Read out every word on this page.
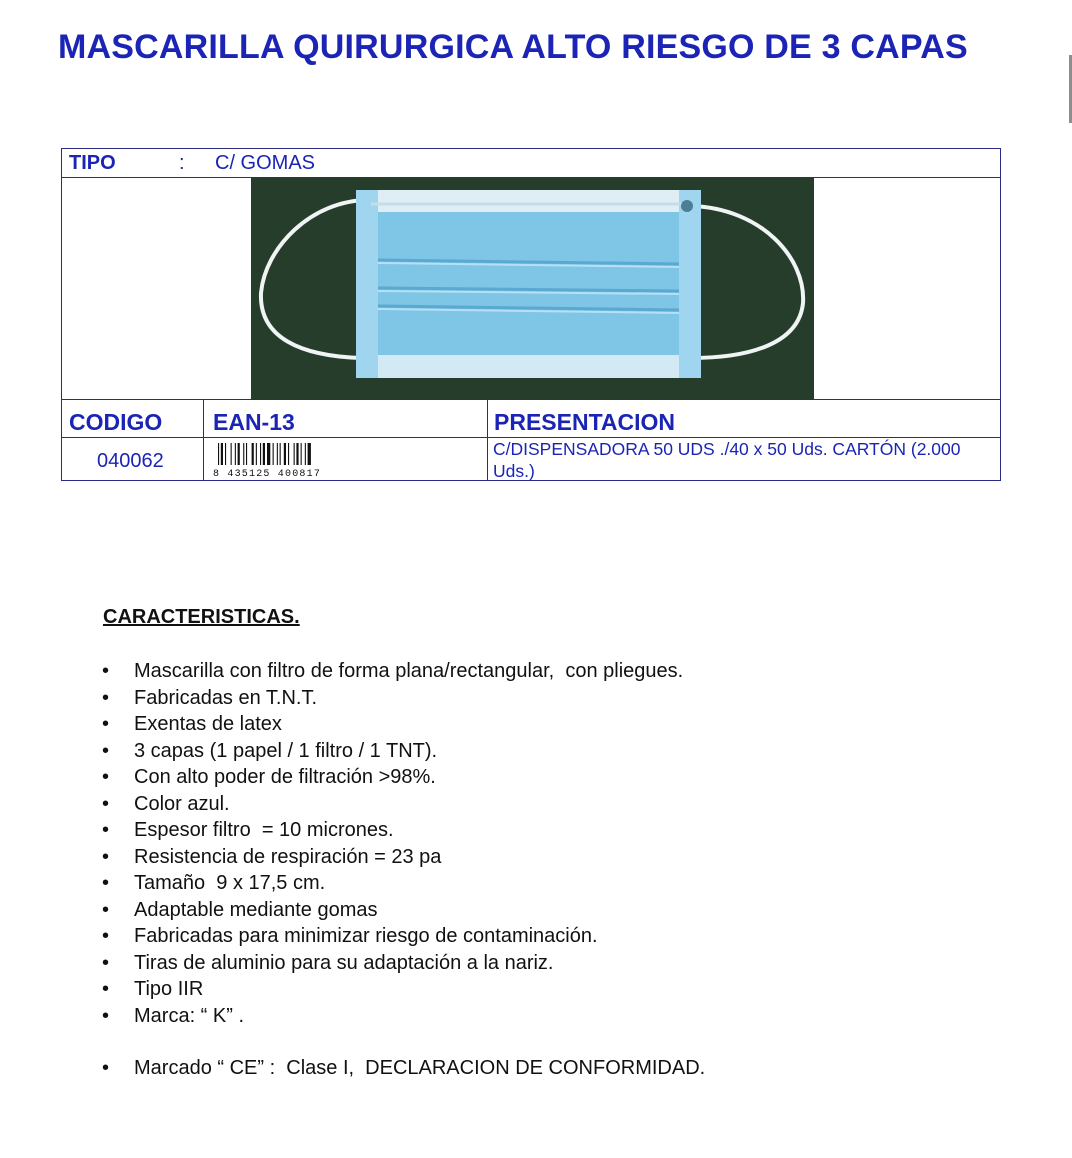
MASCARILLA QUIRURGICA ALTO RIESGO DE 3 CAPAS
TIPO	: C/ GOMAS
CODIGO EAN-13	PRESENTACION
040062
8 435125 400817
C/DISPENSADORA 50 UDS ./40 x 50 Uds. CARTÓN (2.000 Uds.)
CARACTERISTICAS.
• Mascarilla con filtro de forma plana/rectangular,  con pliegues.
• Fabricadas en T.N.T.
• Exentas de latex
• 3 capas (1 papel / 1 filtro / 1 TNT).
• Con alto poder de filtración >98%.
• Color azul.
• Espesor filtro  = 10 micrones.
• Resistencia de respiración = 23 pa
• Tamaño  9 x 17,5 cm.
• Adaptable mediante gomas
• Fabricadas para minimizar riesgo de contaminación.
• Tiras de aluminio para su adaptación a la nariz.
• Tipo IIR
• Marca: “ K” .
• Marcado “ CE” :  Clase I,  DECLARACION DE CONFORMIDAD.
